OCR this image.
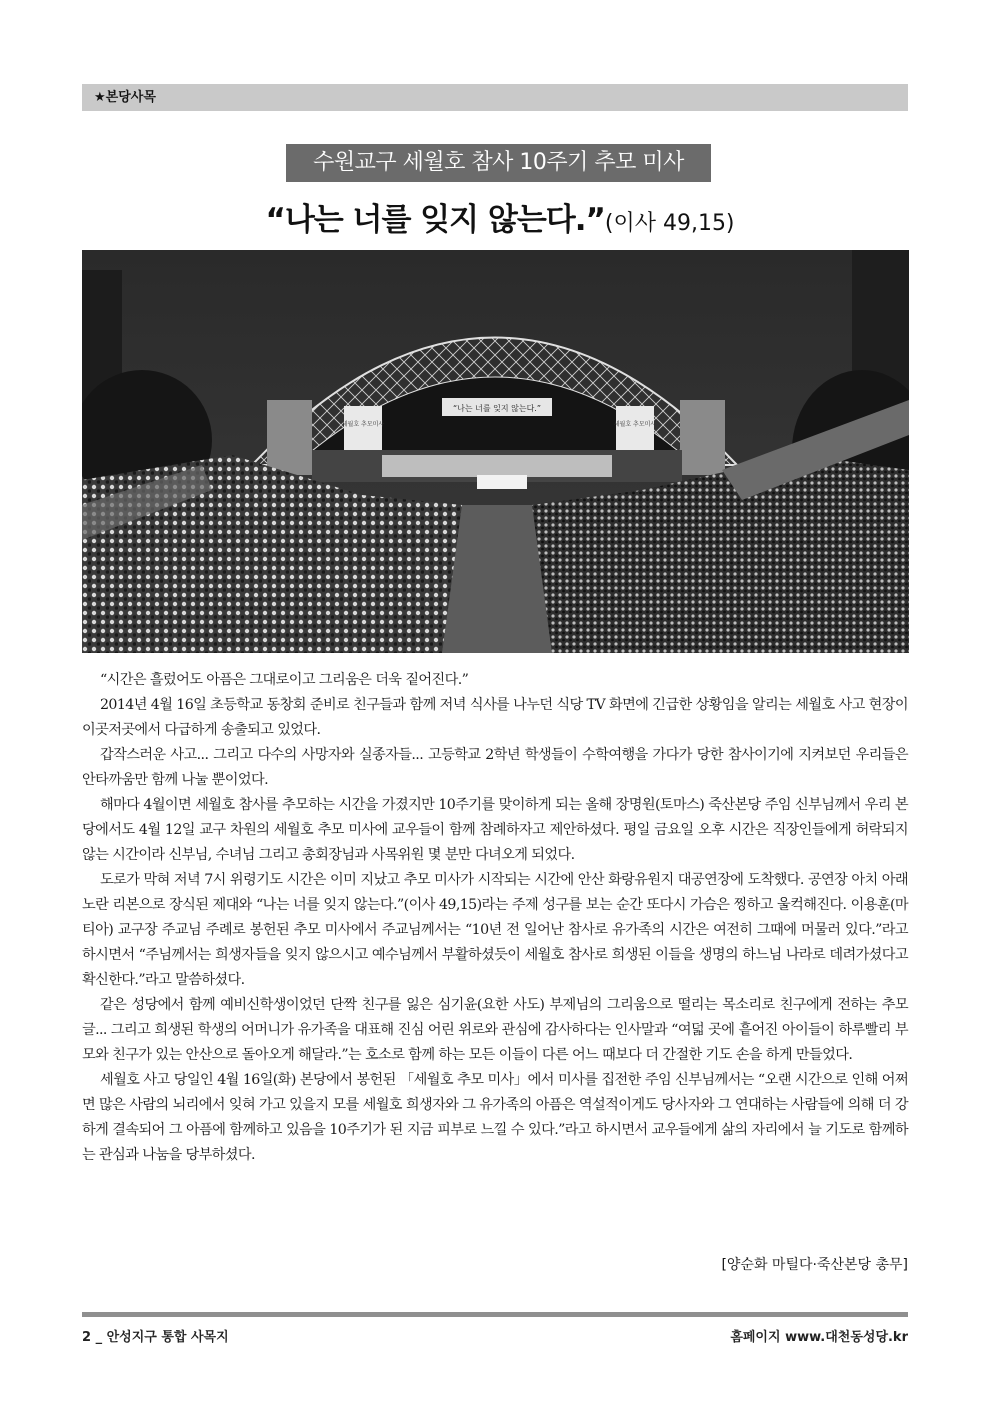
★본당사목
수원교구 세월호 참사 10주기 추모 미사
“나는 너를 잊지 않는다.”(이사 49,15)
“나는 너를 잊지 않는다.”
세월호 추모미사	세월호 추모미사

“시간은 흘렀어도 아픔은 그대로이고 그리움은 더욱 짙어진다.”

2014년 4월 16일 초등학교 동창회 준비로 친구들과 함께 저녁 식사를 나누던 식당 TV 화면에 긴급한 상황임을 알리는 세월호 사고 현장이 이곳저곳에서 다급하게 송출되고 있었다.

갑작스러운 사고... 그리고 다수의 사망자와 실종자들... 고등학교 2학년 학생들이 수학여행을 가다가 당한 참사이기에 지켜보던 우리들은 안타까움만 함께 나눌 뿐이었다.

해마다 4월이면 세월호 참사를 추모하는 시간을 가졌지만 10주기를 맞이하게 되는 올해 장명원(토마스) 죽산본당 주임 신부님께서 우리 본당에서도 4월 12일 교구 차원의 세월호 추모 미사에 교우들이 함께 참례하자고 제안하셨다. 평일 금요일 오후 시간은 직장인들에게 허락되지 않는 시간이라 신부님, 수녀님 그리고 총회장님과 사목위원 몇 분만 다녀오게 되었다.

도로가 막혀 저녁 7시 위령기도 시간은 이미 지났고 추모 미사가 시작되는 시간에 안산 화랑유원지 대공연장에 도착했다. 공연장 아치 아래 노란 리본으로 장식된 제대와 “나는 너를 잊지 않는다.”(이사 49,15)라는 주제 성구를 보는 순간 또다시 가슴은 찡하고 울컥해진다. 이용훈(마티아) 교구장 주교님 주례로 봉헌된 추모 미사에서 주교님께서는 “10년 전 일어난 참사로 유가족의 시간은 여전히 그때에 머물러 있다.”라고 하시면서 “주님께서는 희생자들을 잊지 않으시고 예수님께서 부활하셨듯이 세월호 참사로 희생된 이들을 생명의 하느님 나라로 데려가셨다고 확신한다.”라고 말씀하셨다.

같은 성당에서 함께 예비신학생이었던 단짝 친구를 잃은 심기윤(요한 사도) 부제님의 그리움으로 떨리는 목소리로 친구에게 전하는 추모글... 그리고 희생된 학생의 어머니가 유가족을 대표해 진심 어린 위로와 관심에 감사하다는 인사말과 “여덟 곳에 흩어진 아이들이 하루빨리 부모와 친구가 있는 안산으로 돌아오게 해달라.”는 호소로 함께 하는 모든 이들이 다른 어느 때보다 더 간절한 기도 손을 하게 만들었다.

세월호 사고 당일인 4월 16일(화) 본당에서 봉헌된 「세월호 추모 미사」에서 미사를 집전한 주임 신부님께서는 “오랜 시간으로 인해 어쩌면 많은 사람의 뇌리에서 잊혀 가고 있을지 모를 세월호 희생자와 그 유가족의 아픔은 역설적이게도 당사자와 그 연대하는 사람들에 의해 더 강하게 결속되어 그 아픔에 함께하고 있음을 10주기가 된 지금 피부로 느낄 수 있다.”라고 하시면서 교우들에게 삶의 자리에서 늘 기도로 함께하는 관심과 나눔을 당부하셨다.

[양순화 마틸다·죽산본당 총무]
2 _ 안성지구 통합 사목지	홈페이지 www.대천동성당.kr
